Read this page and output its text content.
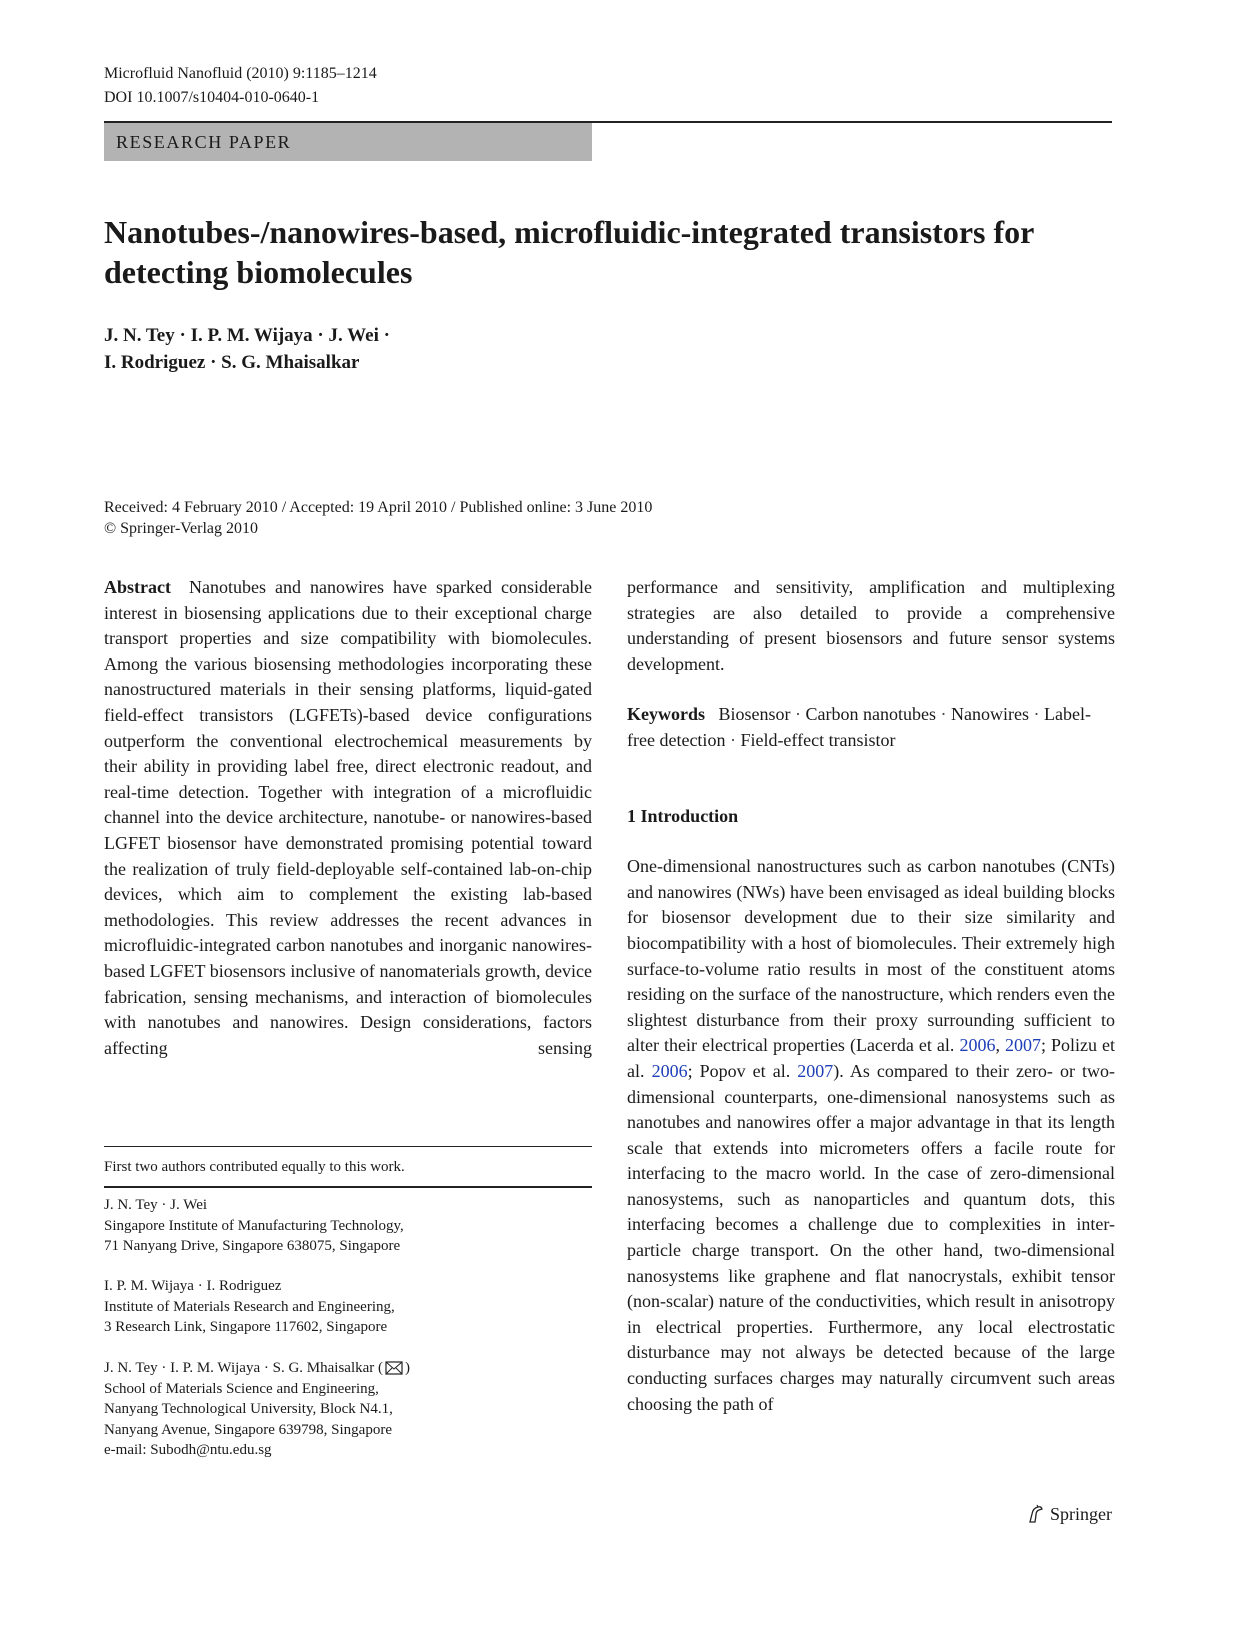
Microfluid Nanofluid (2010) 9:1185–1214
DOI 10.1007/s10404-010-0640-1
RESEARCH PAPER
Nanotubes-/nanowires-based, microfluidic-integrated transistors for detecting biomolecules
J. N. Tey · I. P. M. Wijaya · J. Wei ·
I. Rodriguez · S. G. Mhaisalkar
Received: 4 February 2010 / Accepted: 19 April 2010 / Published online: 3 June 2010
© Springer-Verlag 2010

Abstract Nanotubes and nanowires have sparked considerable interest in biosensing applications due to their exceptional charge transport properties and size compatibility with biomolecules. Among the various biosensing methodologies incorporating these nanostructured materials in their sensing platforms, liquid-gated field-effect transistors (LGFETs)-based device configurations outperform the conventional electrochemical measurements by their ability in providing label free, direct electronic readout, and real-time detection. Together with integration of a microfluidic channel into the device architecture, nanotube- or nanowires-based LGFET biosensor have demonstrated promising potential toward the realization of truly field-deployable self-contained lab-on-chip devices, which aim to complement the existing lab-based methodologies. This review addresses the recent advances in microfluidic-integrated carbon nanotubes and inorganic nanowires-based LGFET biosensors inclusive of nanomaterials growth, device fabrication, sensing mechanisms, and interaction of biomolecules with nanotubes and nanowires. Design considerations, factors affecting sensing

First two authors contributed equally to this work.

J. N. Tey · J. Wei

Singapore Institute of Manufacturing Technology,

71 Nanyang Drive, Singapore 638075, Singapore

I. P. M. Wijaya · I. Rodriguez

Institute of Materials Research and Engineering,

3 Research Link, Singapore 117602, Singapore

J. N. Tey · I. P. M. Wijaya · S. G. Mhaisalkar ( )

School of Materials Science and Engineering,

Nanyang Technological University, Block N4.1,

Nanyang Avenue, Singapore 639798, Singapore

e-mail: Subodh@ntu.edu.sg

performance and sensitivity, amplification and multiplexing strategies are also detailed to provide a comprehensive understanding of present biosensors and future sensor systems development.

Keywords Biosensor · Carbon nanotubes · Nanowires · Label-free detection · Field-effect transistor

1 Introduction

One-dimensional nanostructures such as carbon nanotubes (CNTs) and nanowires (NWs) have been envisaged as ideal building blocks for biosensor development due to their size similarity and biocompatibility with a host of biomolecules. Their extremely high surface-to-volume ratio results in most of the constituent atoms residing on the surface of the nanostructure, which renders even the slightest disturbance from their proxy surrounding sufficient to alter their electrical properties (Lacerda et al. 2006, 2007; Polizu et al. 2006; Popov et al. 2007). As compared to their zero- or two-dimensional counterparts, one-dimensional nanosystems such as nanotubes and nanowires offer a major advantage in that its length scale that extends into micrometers offers a facile route for interfacing to the macro world. In the case of zero-dimensional nanosystems, such as nanoparticles and quantum dots, this interfacing becomes a challenge due to complexities in inter-particle charge transport. On the other hand, two-dimensional nanosystems like graphene and flat nanocrystals, exhibit tensor (non-scalar) nature of the conductivities, which result in anisotropy in electrical properties. Furthermore, any local electrostatic disturbance may not always be detected because of the large conducting surfaces charges may naturally circumvent such areas choosing the path of

Springer
